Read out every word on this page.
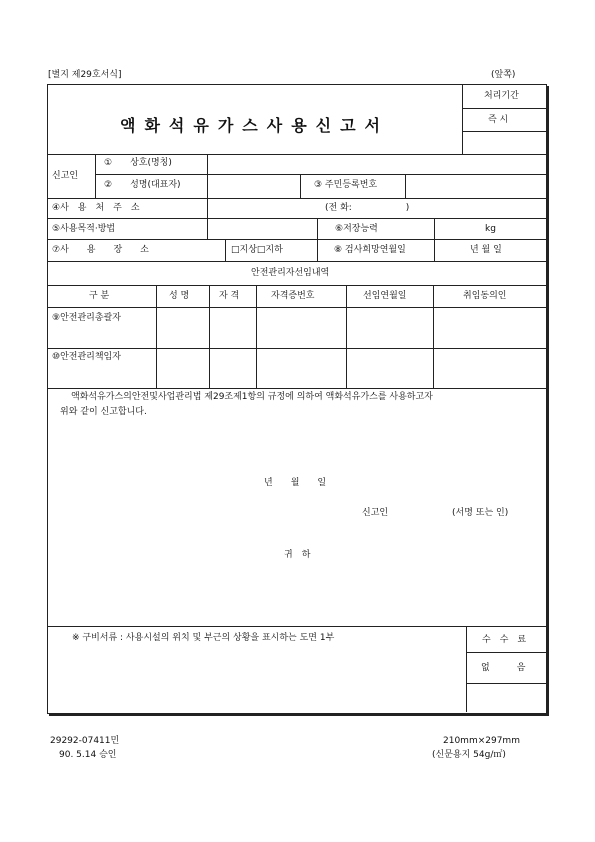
[별지 제29호서식]	(앞쪽)
액화석유가스사용신고서
처리기간
즉 시
신고인
①　　상호(명칭)
②　　성명(대표자)	③ 주민등록번호
④사　용　처　주　소	(전 화:　　　　　　)
⑤사용목적·방법	⑥저장능력	kg
⑦사　　용　　장　　소	□지상□지하	⑧ 검사희망연월일	년 월 일
안전관리자선임내역
구 분	성 명	자 격	자격증번호	선임연월일	취임동의인
⑨안전관리총괄자
⑩안전관리책임자
액화석유가스의안전및사업관리법 제29조제1항의 규정에 의하여 액화석유가스를 사용하고자
위와 같이 신고합니다.
년　　월　　일
신고인	(서명 또는 인)
귀　하
※ 구비서류 : 사용시설의 위치 및 부근의 상황을 표시하는 도면 1부	수　수　료
없　　　음
29292-07411민
90. 5.14 승인
210mm×297mm
(신문용지 54g/㎡)
